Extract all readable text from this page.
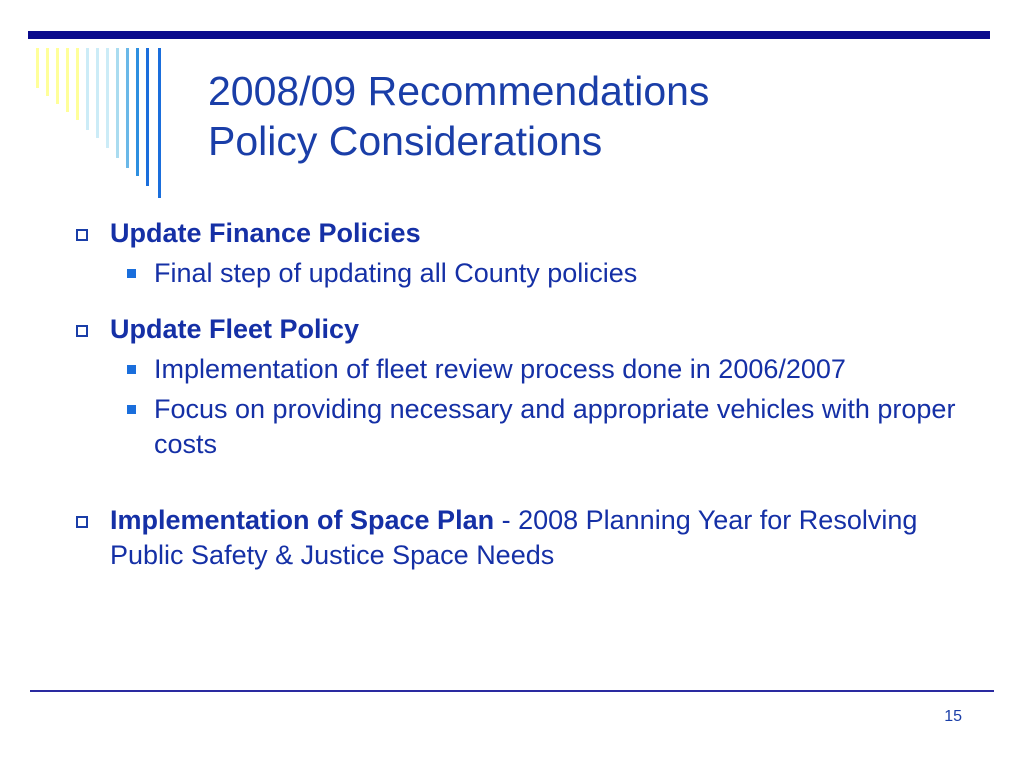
2008/09 Recommendations
Policy Considerations
Update Finance Policies
Final step of updating all County policies
Update Fleet Policy
Implementation of fleet review process done in 2006/2007
Focus on providing necessary and appropriate vehicles with proper costs
Implementation of Space Plan - 2008 Planning Year for Resolving Public Safety & Justice Space Needs
15
